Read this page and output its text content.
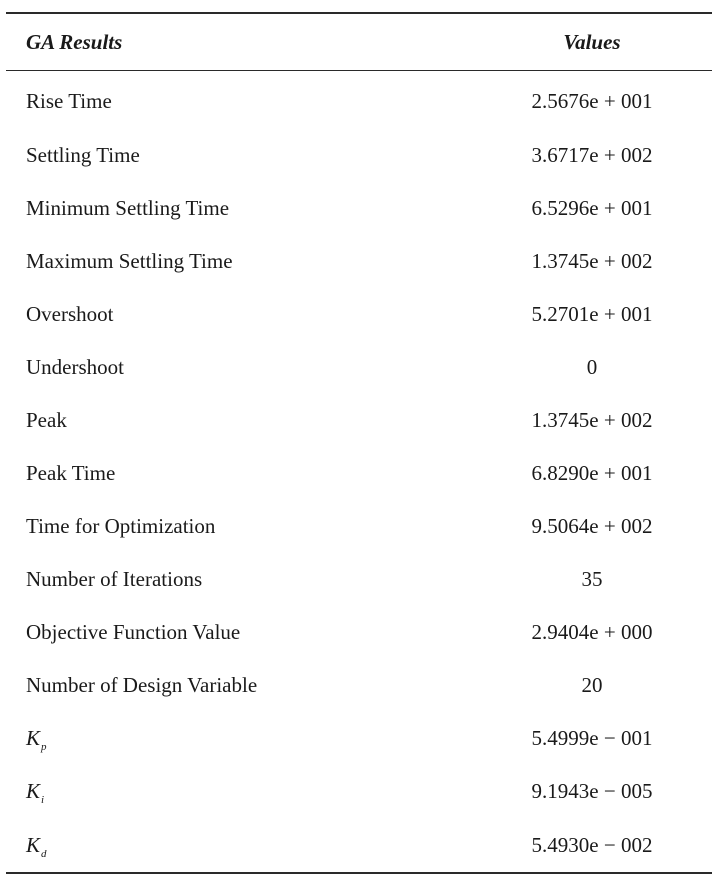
GA Results	Values
Rise Time	2.5676e + 001
Settling Time	3.6717e + 002
Minimum Settling Time	6.5296e + 001
Maximum Settling Time	1.3745e + 002
Overshoot	5.2701e + 001
Undershoot	0
Peak	1.3745e + 002
Peak Time	6.8290e + 001
Time for Optimization	9.5064e + 002
Number of Iterations	35
Objective Function Value	2.9404e + 000
Number of Design Variable	20
$K_p$	5.4999e − 001
$K_i$	9.1943e − 005
$K_d$	5.4930e − 002
